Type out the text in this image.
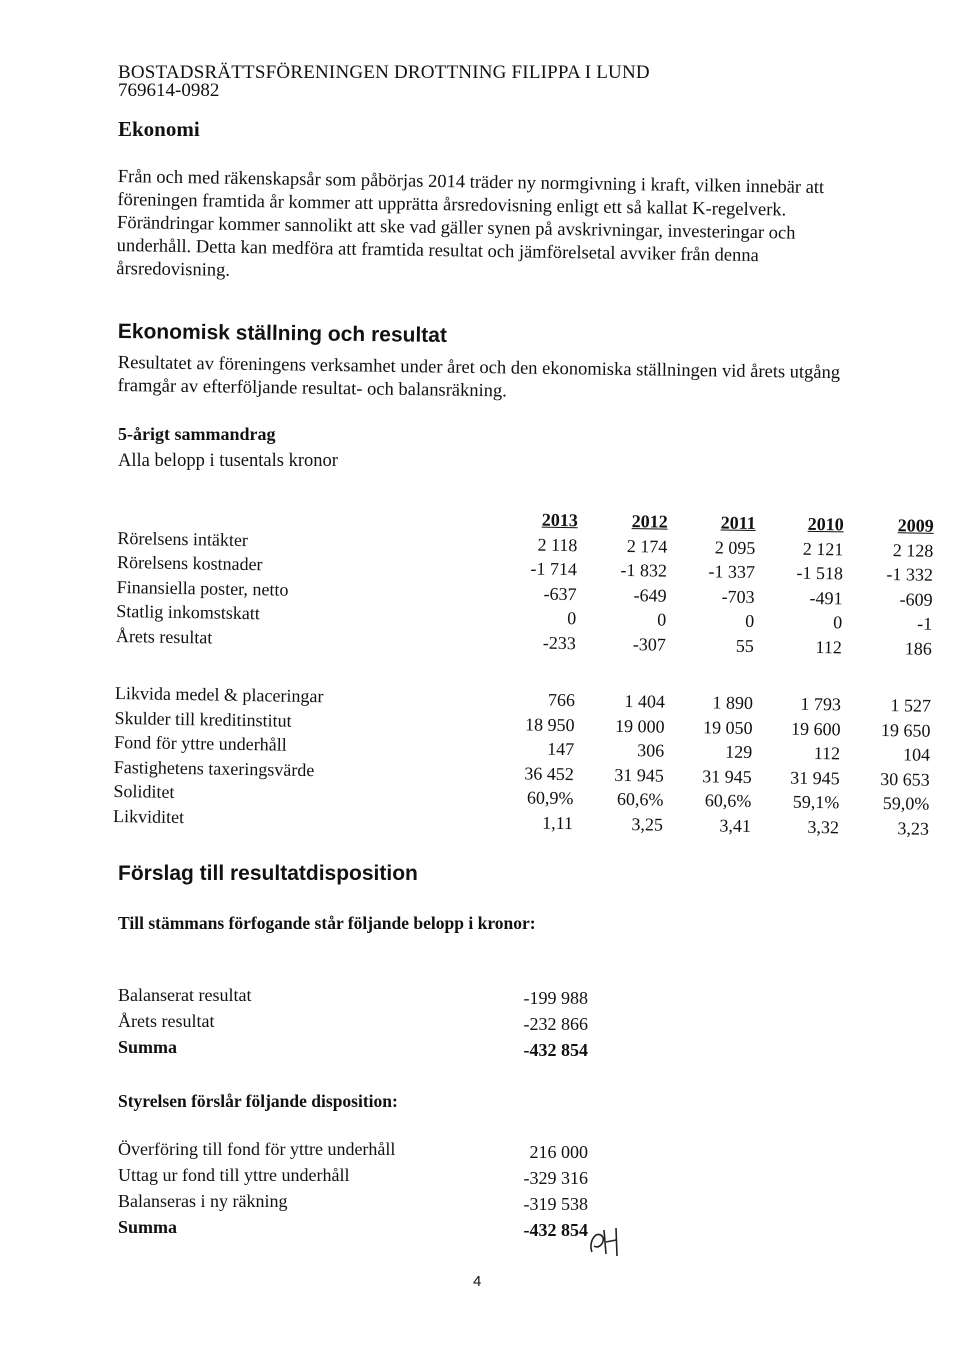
BOSTADSRÄTTSFÖRENINGEN DROTTNING FILIPPA I LUND
769614-0982
Ekonomi
Från och med räkenskapsår som påbörjas 2014 träder ny normgivning i kraft, vilken innebär att föreningen framtida år kommer att upprätta årsredovisning enligt ett så kallat K-regelverk. Förändringar kommer sannolikt att ske vad gäller synen på avskrivningar, investeringar och underhåll. Detta kan medföra att framtida resultat och jämförelsetal avviker från denna årsredovisning.
Ekonomisk ställning och resultat
Resultatet av föreningens verksamhet under året och den ekonomiska ställningen vid årets utgång framgår av efterföljande resultat- och balansräkning.
5-årigt sammandrag
Alla belopp i tusentals kronor
2013	2012	2011	2010	2009
Rörelsens intäkter	2 118	2 174	2 095	2 121	2 128
Rörelsens kostnader	-1 714	-1 832	-1 337	-1 518	-1 332
Finansiella poster, netto	-637	-649	-703	-491	-609
Statlig inkomstskatt	0	0	0	0	-1
Årets resultat	-233	-307	55	112	186
Likvida medel & placeringar	766	1 404	1 890	1 793	1 527
Skulder till kreditinstitut	18 950	19 000	19 050	19 600	19 650
Fond för yttre underhåll	147	306	129	112	104
Fastighetens taxeringsvärde	36 452	31 945	31 945	31 945	30 653
Soliditet	60,9%	60,6%	60,6%	59,1%	59,0%
Likviditet	1,11	3,25	3,41	3,32	3,23
Förslag till resultatdisposition
Till stämmans förfogande står följande belopp i kronor:
Balanserat resultat	-199 988
Årets resultat	-232 866
Summa	-432 854
Styrelsen förslår följande disposition:
Överföring till fond för yttre underhåll	216 000
Uttag ur fond till yttre underhåll	-329 316
Balanseras i ny räkning	-319 538
Summa	-432 854
4
